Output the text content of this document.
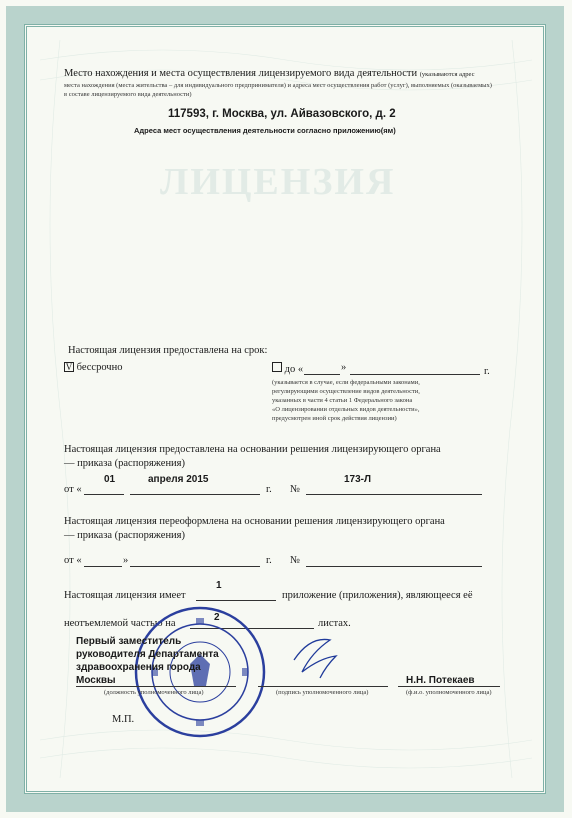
ЛИЦЕНЗИЯ
Место нахождения и места осуществления лицензируемого вида деятельности (указываются адрес
места нахождения (места жительства – для индивидуального предпринимателя) и адреса мест осуществления работ (услуг), выполняемых (оказываемых)
в составе лицензируемого вида деятельности)
117593, г. Москва, ул. Айвазовского, д. 2
Адреса мест осуществления деятельности согласно приложению(ям)
Настоящая лицензия предоставлена на срок:
V бессрочно	до «	»	г.
(указывается в случае, если федеральными законами,
регулирующими осуществление видов деятельности,
указанных в части 4 статьи 1 Федерального закона
«О лицензировании отдельных видов деятельности»,
предусмотрен иной срок действия лицензии)
Настоящая лицензия предоставлена на основании решения лицензирующего органа
— приказа (распоряжения)
от «
01	апреля 2015
г. №
173-Л
Настоящая лицензия переоформлена на основании решения лицензирующего органа
— приказа (распоряжения)
от «	»	г. №
Настоящая лицензия имеет
1
приложение (приложения), являющееся её
неотъемлемой частью на
2
листах.
Первый заместитель
руководителя Департамента
здравоохранения города
Москвы	Н.Н. Потекаев
(должность уполномоченного лица)	(подпись уполномоченного лица)	(ф.и.о. уполномоченного лица)
М.П.
